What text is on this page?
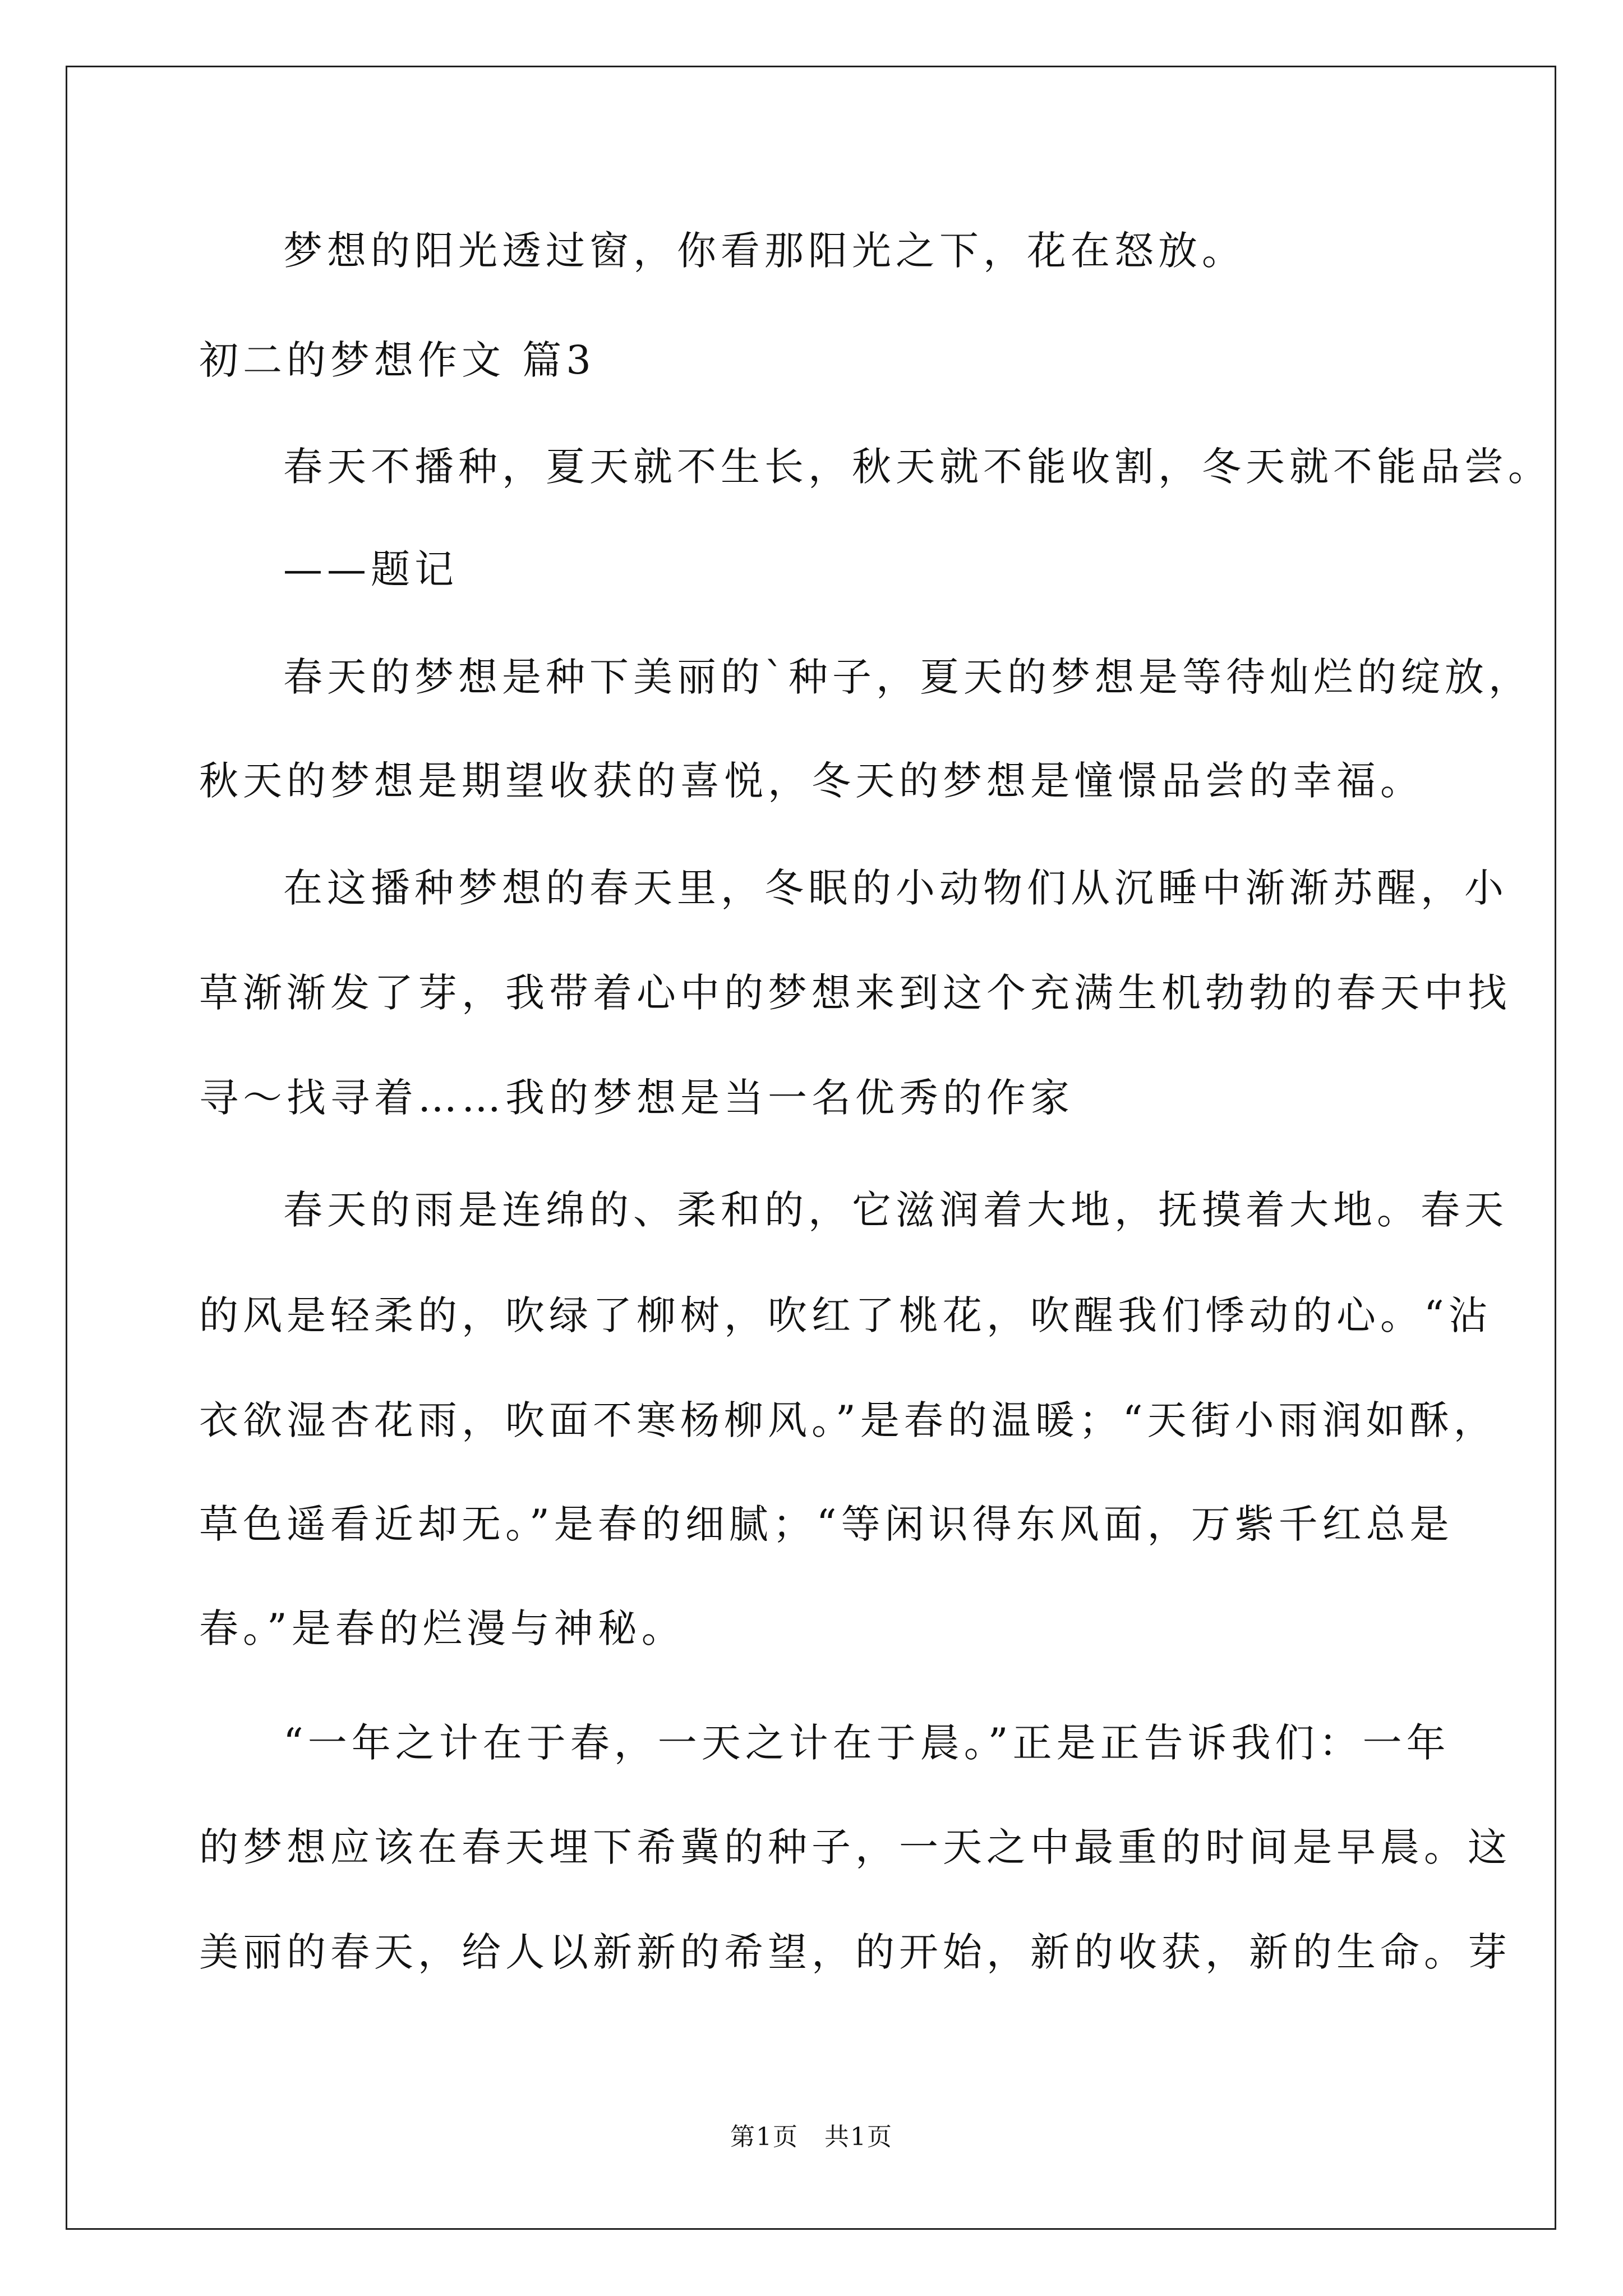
梦想的阳光透过窗，你看那阳光之下，花在怒放。
初二的梦想作文 篇3
春天不播种，夏天就不生长，秋天就不能收割，冬天就不能品尝。
——题记
春天的梦想是种下美丽的`种子，夏天的梦想是等待灿烂的绽放，
秋天的梦想是期望收获的喜悦，冬天的梦想是憧憬品尝的幸福。
在这播种梦想的春天里，冬眠的小动物们从沉睡中渐渐苏醒，小
草渐渐发了芽，我带着心中的梦想来到这个充满生机勃勃的春天中找
寻～找寻着……我的梦想是当一名优秀的作家
春天的雨是连绵的、柔和的，它滋润着大地，抚摸着大地。春天
的风是轻柔的，吹绿了柳树，吹红了桃花，吹醒我们悸动的心。“沾
衣欲湿杏花雨，吹面不寒杨柳风。”是春的温暖；“天街小雨润如酥，
草色遥看近却无。”是春的细腻；“等闲识得东风面，万紫千红总是
春。”是春的烂漫与神秘。
“一年之计在于春，一天之计在于晨。”正是正告诉我们：一年
的梦想应该在春天埋下希冀的种子，一天之中最重的时间是早晨。这
美丽的春天，给人以新新的希望，的开始，新的收获，新的生命。芽
第1页　共1页
